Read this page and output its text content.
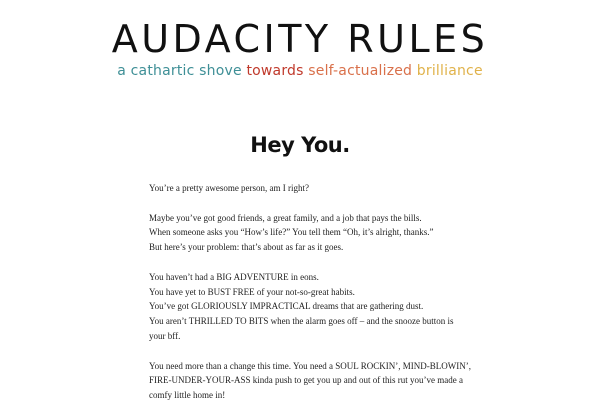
AUDACITY RULES
a cathartic shove towards self-actualized brilliance
Hey You.

You’re a pretty awesome person, am I right?

Maybe you’ve got good friends, a great family, and a job that pays the bills.
When someone asks you “How’s life?” You tell them “Oh, it’s alright, thanks.”
But here’s your problem: that’s about as far as it goes.

You haven’t had a BIG ADVENTURE in eons.
You have yet to BUST FREE of your not-so-great habits.
You’ve got GLORIOUSLY IMPRACTICAL dreams that are gathering dust.
You aren’t THRILLED TO BITS when the alarm goes off – and the snooze button is
your bff.

You need more than a change this time. You need a SOUL ROCKIN’, MIND-BLOWIN’,
FIRE-UNDER-YOUR-ASS kinda push to get you up and out of this rut you’ve made a
comfy little home in!
